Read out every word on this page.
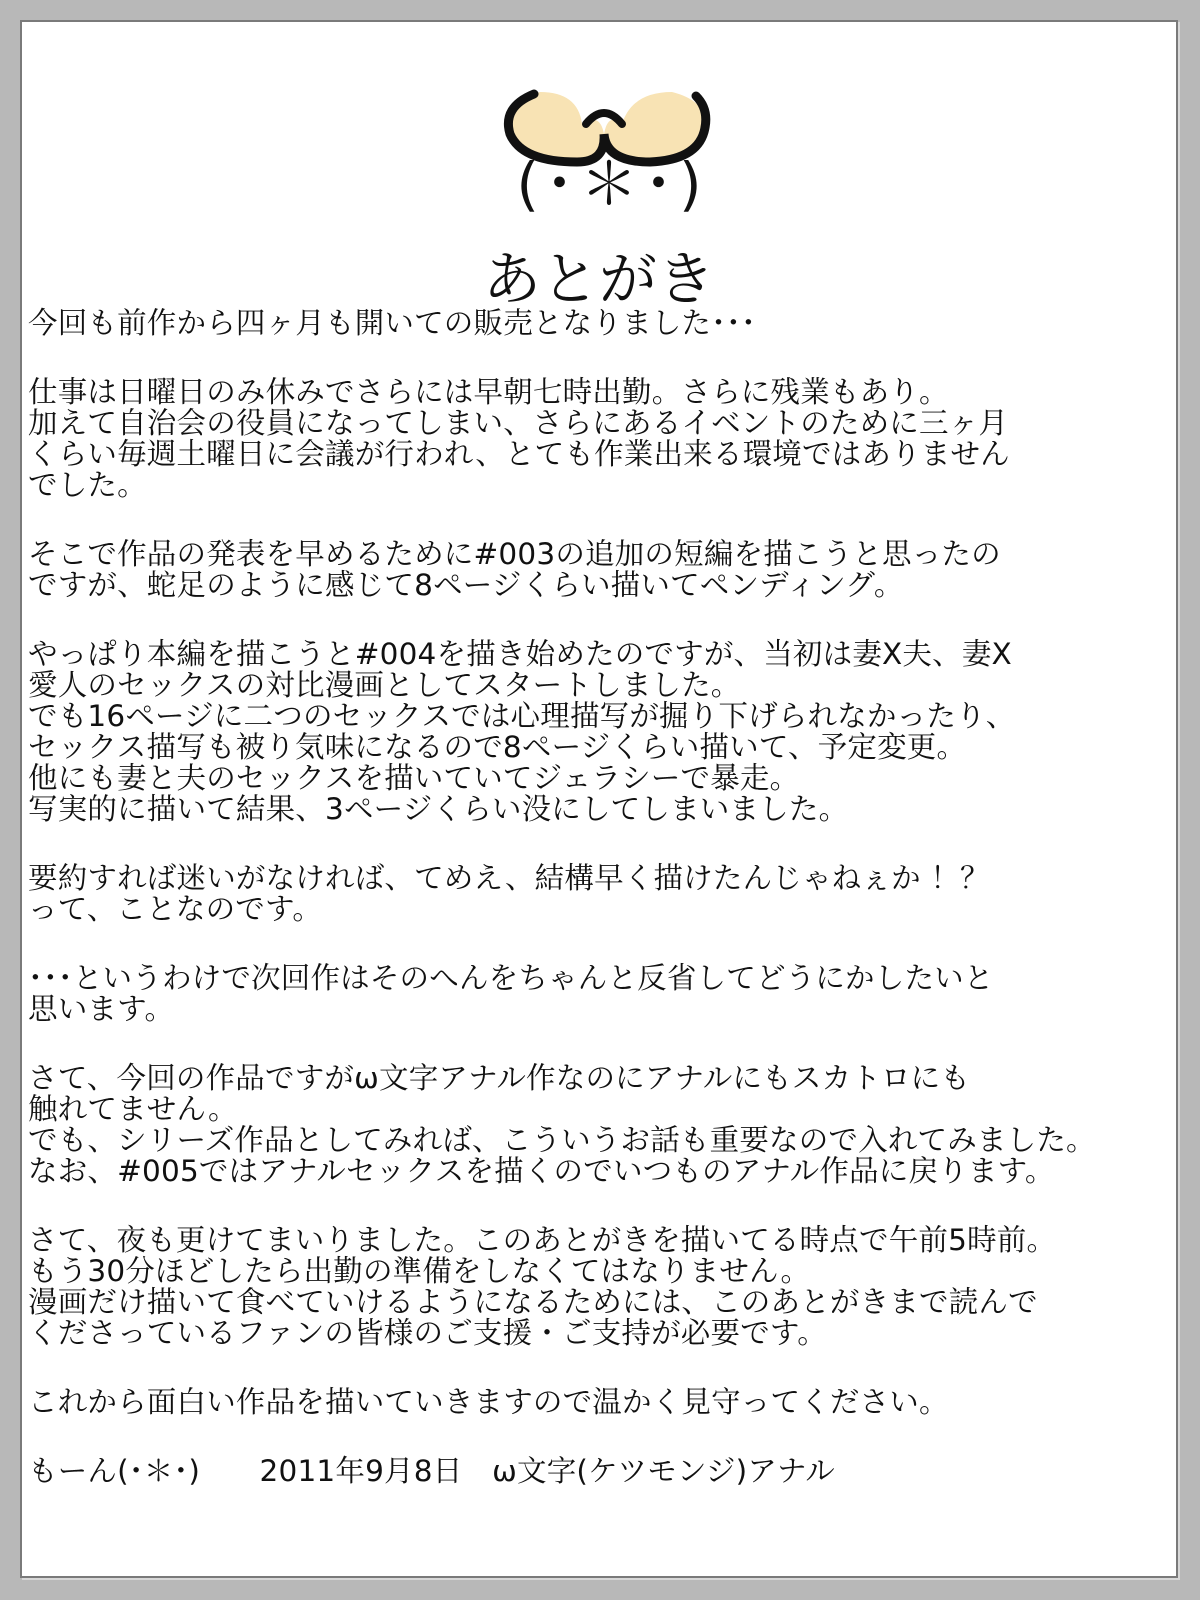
(･＊･)
あとがき
今回も前作から四ヶ月も開いての販売となりました･･･
仕事は日曜日のみ休みでさらには早朝七時出勤。さらに残業もあり。
加えて自治会の役員になってしまい、さらにあるイベントのために三ヶ月
くらい毎週土曜日に会議が行われ、とても作業出来る環境ではありません
でした。
そこで作品の発表を早めるために#003の追加の短編を描こうと思ったの
ですが、蛇足のように感じて8ページくらい描いてペンディング。
やっぱり本編を描こうと#004を描き始めたのですが、当初は妻X夫、妻X
愛人のセックスの対比漫画としてスタートしました。
でも16ページに二つのセックスでは心理描写が掘り下げられなかったり、
セックス描写も被り気味になるので8ページくらい描いて、予定変更。
他にも妻と夫のセックスを描いていてジェラシーで暴走。
写実的に描いて結果、3ページくらい没にしてしまいました。
要約すれば迷いがなければ、てめえ、結構早く描けたんじゃねぇか ！？
って、ことなのです。
･･･というわけで次回作はそのへんをちゃんと反省してどうにかしたいと
思います。
さて、今回の作品ですがω文字アナル作なのにアナルにもスカトロにも
触れてません。
でも、シリーズ作品としてみれば、こういうお話も重要なので入れてみました。
なお、#005ではアナルセックスを描くのでいつものアナル作品に戻ります。
さて、夜も更けてまいりました。このあとがきを描いてる時点で午前5時前。
もう30分ほどしたら出勤の準備をしなくてはなりません。
漫画だけ描いて食べていけるようになるためには、このあとがきまで読んで
くださっているファンの皆様のご支援・ご支持が必要です。
これから面白い作品を描いていきますので温かく見守ってください。
もーん(･＊･)　　2011年9月8日　ω文字(ケツモンジ)アナル
